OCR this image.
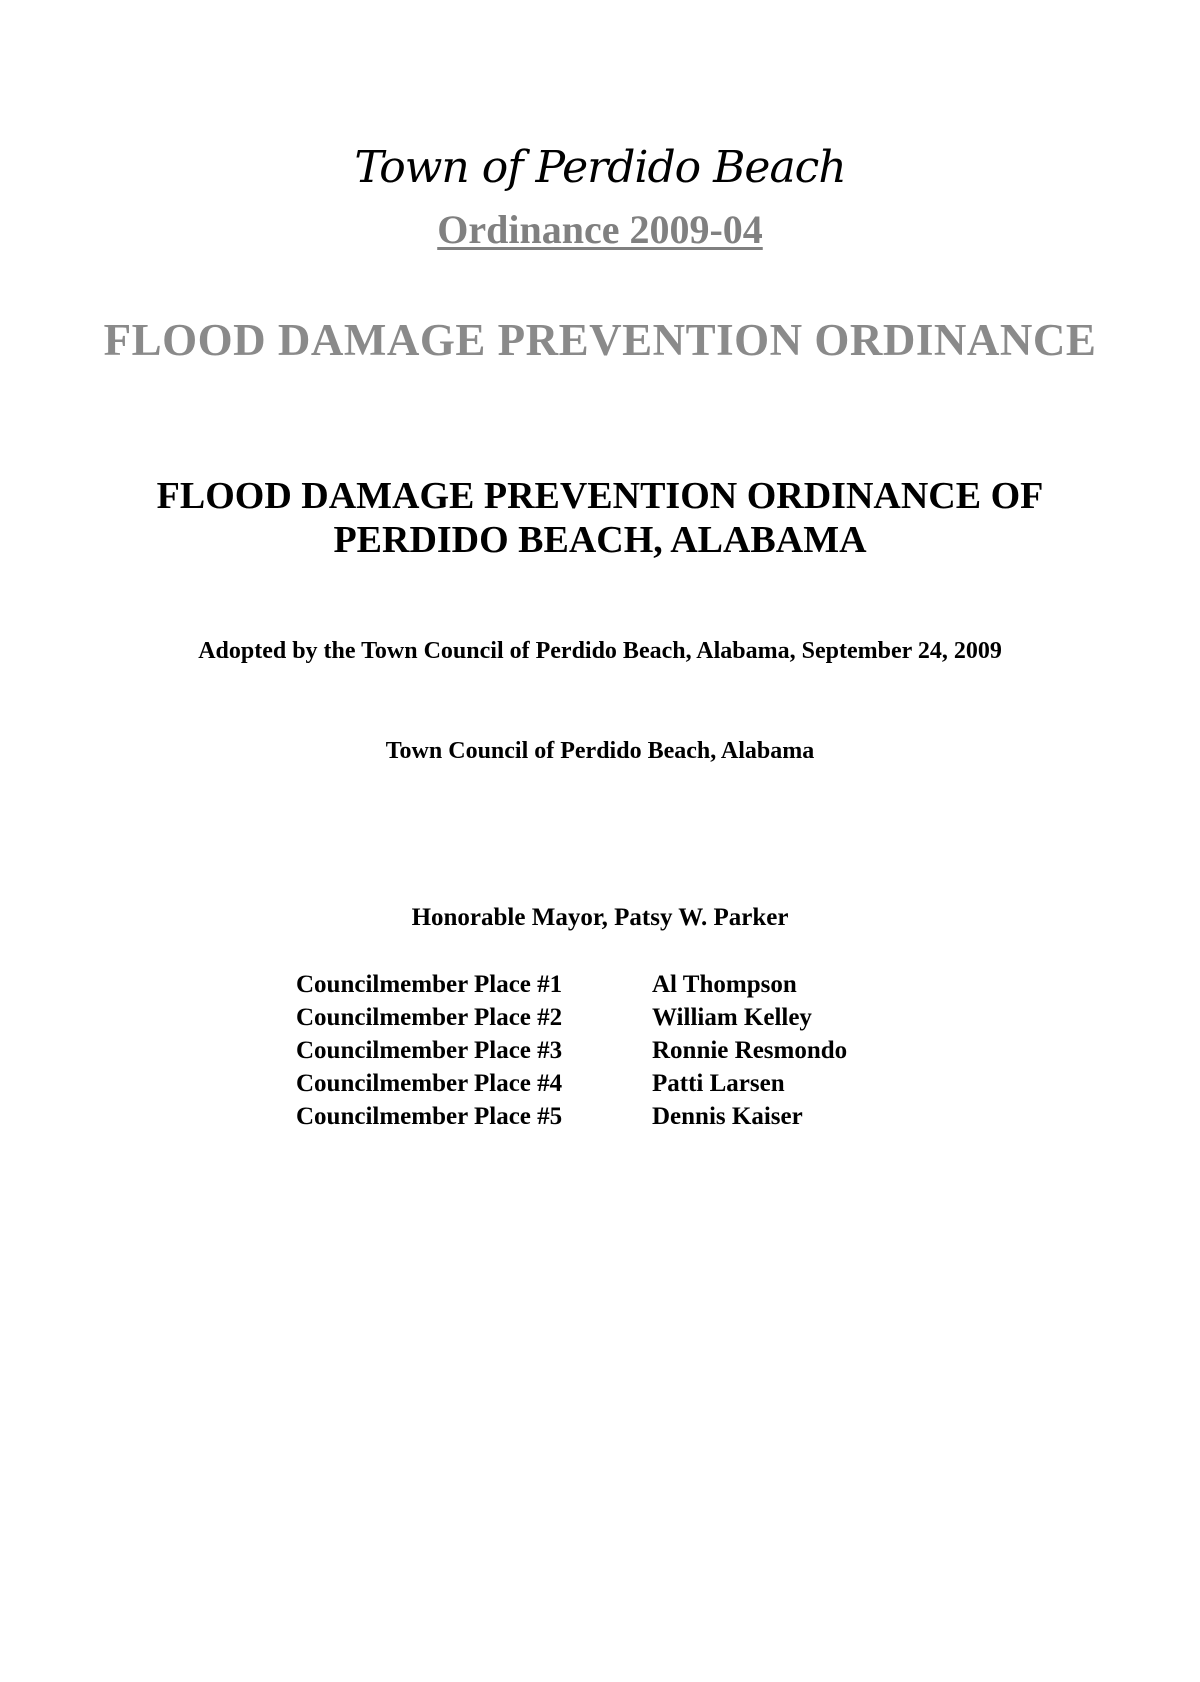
Town of Perdido Beach
Ordinance 2009-04
FLOOD DAMAGE PREVENTION ORDINANCE
FLOOD DAMAGE PREVENTION ORDINANCE OF
PERDIDO BEACH, ALABAMA
Adopted by the Town Council of Perdido Beach, Alabama, September 24, 2009
Town Council of Perdido Beach, Alabama
Honorable Mayor, Patsy W. Parker
Councilmember Place #1	Al Thompson
Councilmember Place #2	William Kelley
Councilmember Place #3	Ronnie Resmondo
Councilmember Place #4	Patti Larsen
Councilmember Place #5	Dennis Kaiser
